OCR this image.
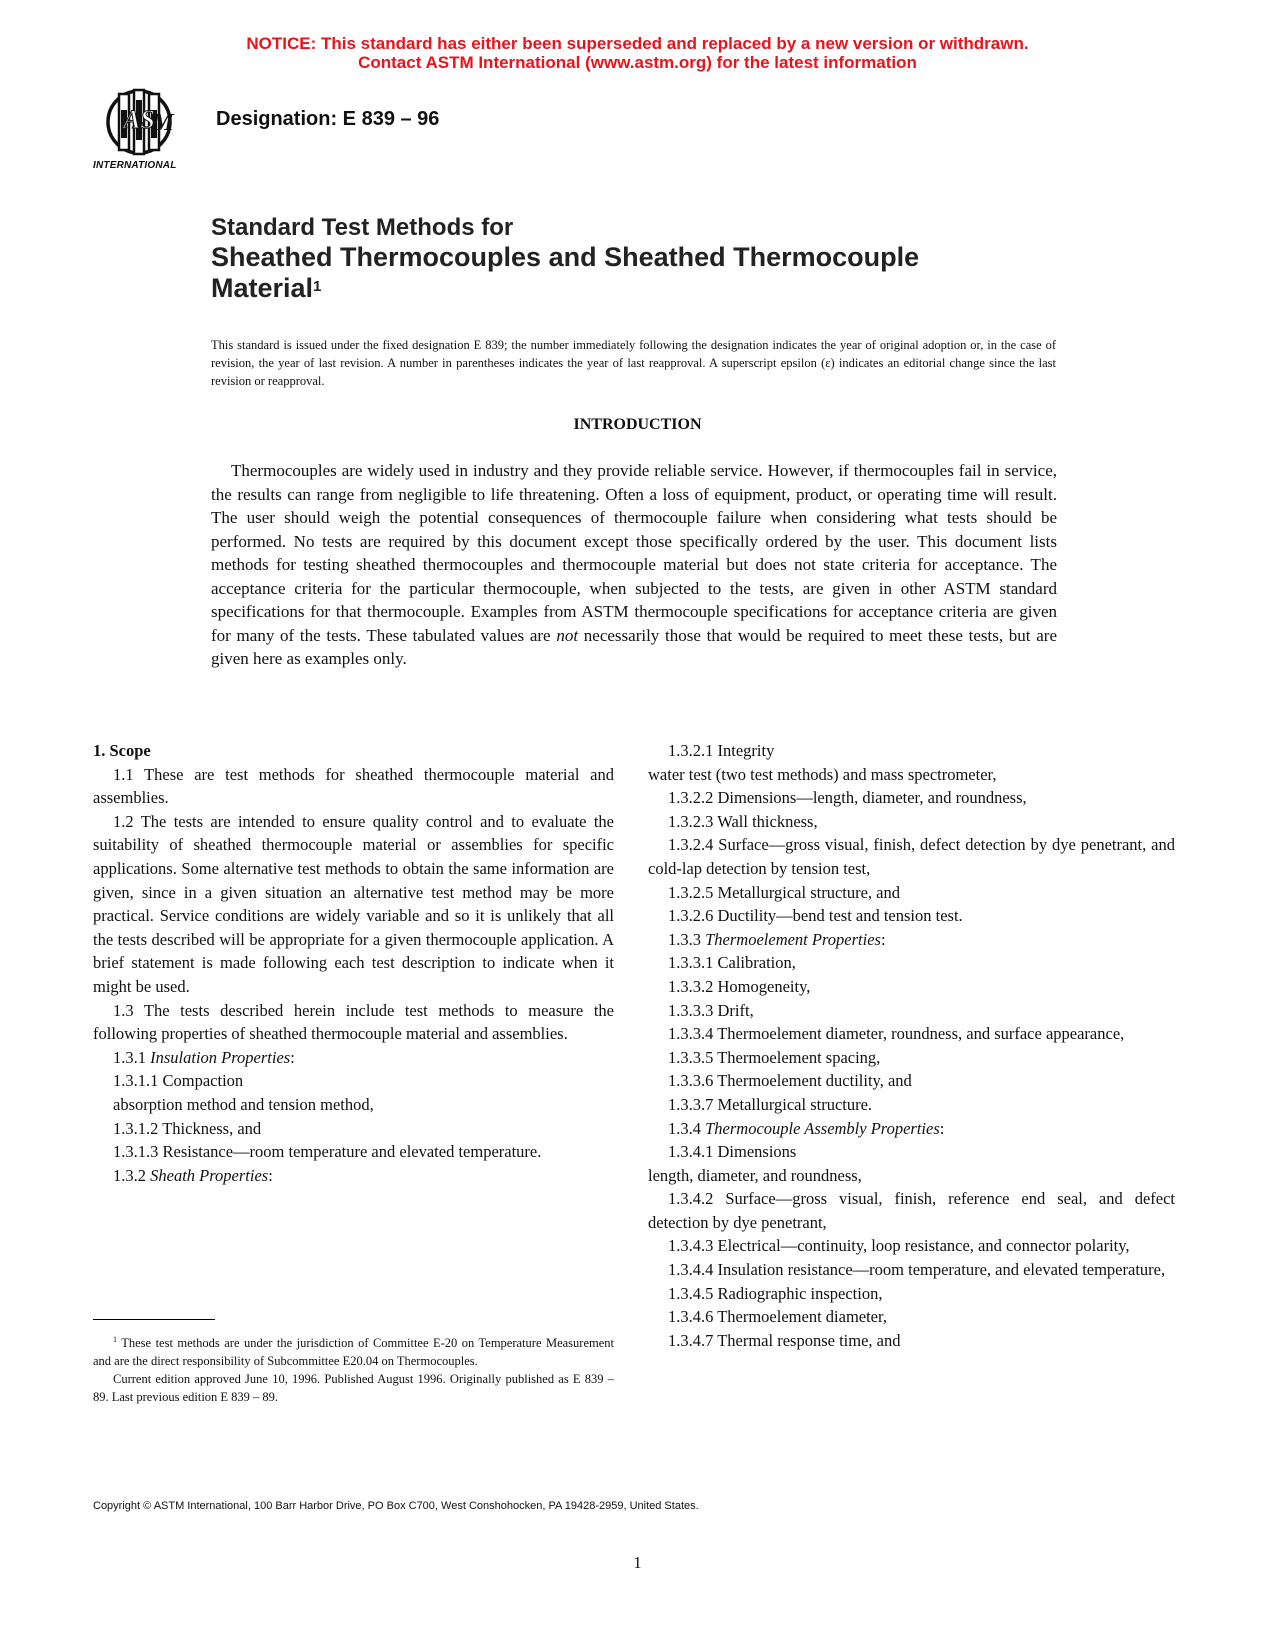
NOTICE: This standard has either been superseded and replaced by a new version or withdrawn.
Contact ASTM International (www.astm.org) for the latest information
AS
M
INTERNATIONAL
Designation: E 839 – 96
Standard Test Methods for
Sheathed Thermocouples and Sheathed Thermocouple
Material$^1$
This standard is issued under the fixed designation E 839; the number immediately following the designation indicates the year of original adoption or, in the case of revision, the year of last revision. A number in parentheses indicates the year of last reapproval. A superscript epsilon (ε) indicates an editorial change since the last revision or reapproval.
INTRODUCTION

Thermocouples are widely used in industry and they provide reliable service. However, if thermocouples fail in service, the results can range from negligible to life threatening. Often a loss of equipment, product, or operating time will result. The user should weigh the potential consequences of thermocouple failure when considering what tests should be performed. No tests are required by this document except those specifically ordered by the user. This document lists methods for testing sheathed thermocouples and thermocouple material but does not state criteria for acceptance. The acceptance criteria for the particular thermocouple, when subjected to the tests, are given in other ASTM standard specifications for that thermocouple. Examples from ASTM thermocouple specifications for acceptance criteria are given for many of the tests. These tabulated values are not necessarily those that would be required to meet these tests, but are given here as examples only.

1. Scope

1.1 These are test methods for sheathed thermocouple material and assemblies.

1.2 The tests are intended to ensure quality control and to evaluate the suitability of sheathed thermocouple material or assemblies for specific applications. Some alternative test methods to obtain the same information are given, since in a given situation an alternative test method may be more practical. Service conditions are widely variable and so it is unlikely that all the tests described will be appropriate for a given thermocouple application. A brief statement is made following each test description to indicate when it might be used.

1.3 The tests described herein include test methods to measure the following properties of sheathed thermocouple material and assemblies.

1.3.1 Insulation Properties:

1.3.1.1 Compaction

absorption method and tension method,

1.3.1.2 Thickness, and

1.3.1.3 Resistance—room temperature and elevated temperature.

1.3.2 Sheath Properties:

1.3.2.1 Integrity

water test (two test methods) and mass spectrometer,

1.3.2.2 Dimensions—length, diameter, and roundness,

1.3.2.3 Wall thickness,

1.3.2.4 Surface—gross visual, finish, defect detection by dye penetrant, and cold-lap detection by tension test,

1.3.2.5 Metallurgical structure, and

1.3.2.6 Ductility—bend test and tension test.

1.3.3 Thermoelement Properties:

1.3.3.1 Calibration,

1.3.3.2 Homogeneity,

1.3.3.3 Drift,

1.3.3.4 Thermoelement diameter, roundness, and surface appearance,

1.3.3.5 Thermoelement spacing,

1.3.3.6 Thermoelement ductility, and

1.3.3.7 Metallurgical structure.

1.3.4 Thermocouple Assembly Properties:

1.3.4.1 Dimensions

length, diameter, and roundness,

1.3.4.2 Surface—gross visual, finish, reference end seal, and defect detection by dye penetrant,

1.3.4.3 Electrical—continuity, loop resistance, and connector polarity,

1.3.4.4 Insulation resistance—room temperature, and elevated temperature,

1.3.4.5 Radiographic inspection,

1.3.4.6 Thermoelement diameter,

1.3.4.7 Thermal response time, and

$^1$ These test methods are under the jurisdiction of Committee E-20 on Temperature Measurement and are the direct responsibility of Subcommittee E20.04 on Thermocouples.

Current edition approved June 10, 1996. Published August 1996. Originally published as E 839 – 89. Last previous edition E 839 – 89.

Copyright © ASTM International, 100 Barr Harbor Drive, PO Box C700, West Conshohocken, PA 19428-2959, United States.
1
